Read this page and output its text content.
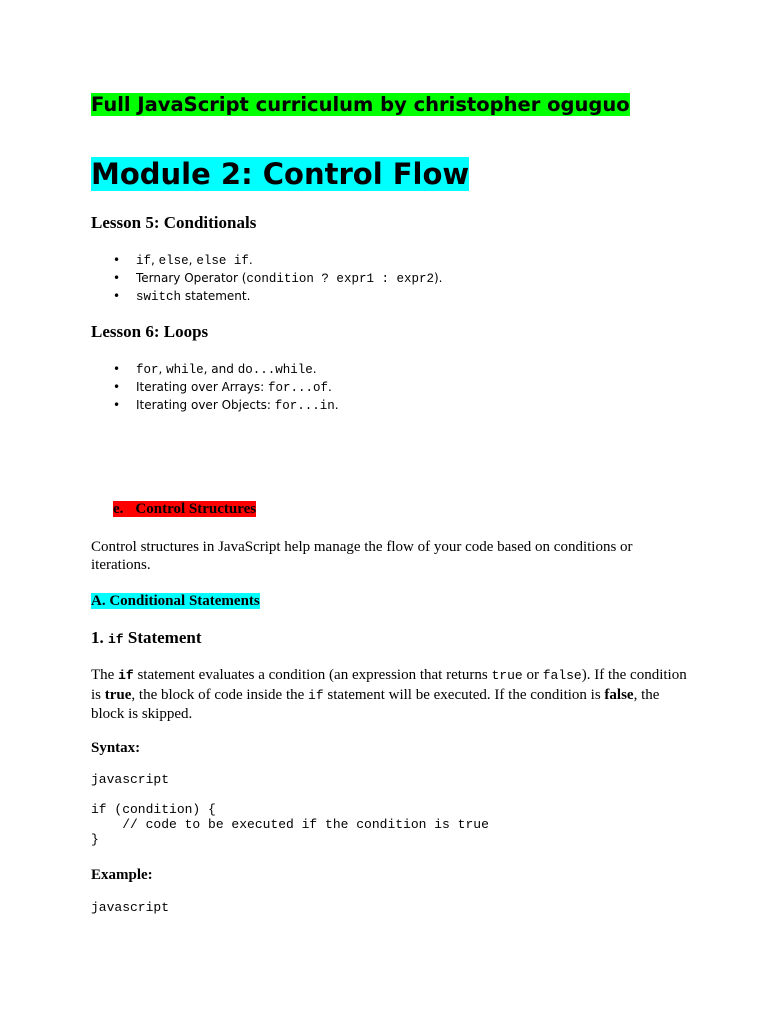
Full JavaScript curriculum by christopher oguguo
Module 2: Control Flow
Lesson 5: Conditionals
• if, else, else if.
• Ternary Operator (condition ? expr1 : expr2).
• switch statement.
Lesson 6: Loops
• for, while, and do...while.
• Iterating over Arrays: for...of.
• Iterating over Objects: for...in.
e. Control Structures

Control structures in JavaScript help manage the flow of your code based on conditions or iterations.

A. Conditional Statements
1. if Statement

The if statement evaluates a condition (an expression that returns true or false). If the condition is true, the block of code inside the if statement will be executed. If the condition is false, the block is skipped.

Syntax:
javascript
if (condition) {
// code to be executed if the condition is true
}
Example:
javascript
